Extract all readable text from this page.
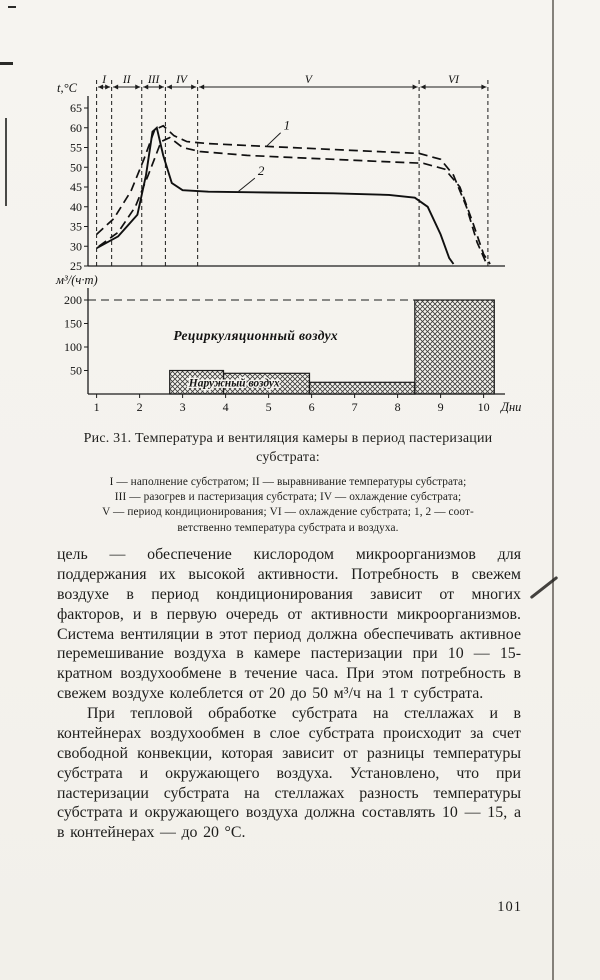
25
30
35
40
45
50
55
60
65
t,°C
I II III IV	V	VI
1
2
50
100
150
200
м³/(ч·т)
1	2	3	4	5	6	7	8	9	10 Дни
Рециркуляционный воздух
Наружный воздух
Рис. 31. Температура и вентиляция камеры в период пастеризации субстрата:
I — наполнение субстратом; II — выравнивание температуры субстрата;
III — разогрев и пастеризация субстрата; IV — охлаждение субстрата;
V — период кондиционирования; VI — охлаждение субстрата; 1, 2 — соот-
ветственно температура субстрата и воздуха.

цель — обеспечение кислородом микроорганизмов для поддержания их высокой активности. Потребность в свежем воздухе в период кондиционирования зависит от многих факторов, и в первую очередь от активности микроорганизмов. Система вентиляции в этот период должна обеспечивать активное перемешивание воздуха в камере пастеризации при 10 — 15-кратном воздухообмене в течение часа. При этом потребность в свежем воздухе колеблется от 20 до 50 м³/ч на 1 т субстрата.

При тепловой обработке субстрата на стеллажах и в контейнерах воздухообмен в слое субстрата происходит за счет свободной конвекции, которая зависит от разницы температуры субстрата и окружающего воздуха. Установлено, что при пастеризации субстрата на стеллажах разность температуры субстрата и окружающего воздуха должна составлять 10 — 15, а в контейнерах — до 20 °С.

101
